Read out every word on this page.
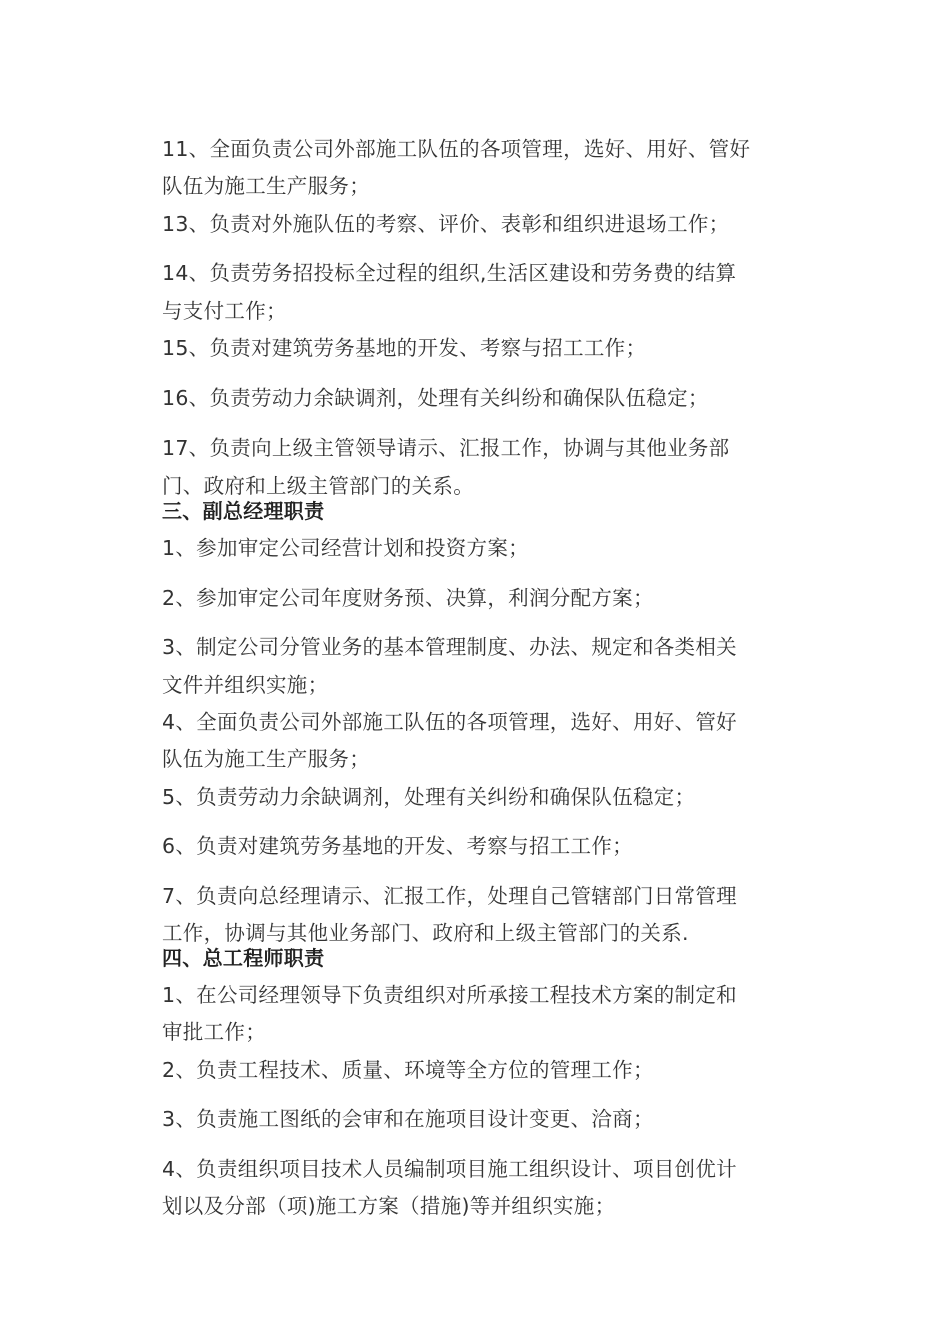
11、全面负责公司外部施工队伍的各项管理，选好、用好、管好
队伍为施工生产服务；
13、负责对外施队伍的考察、评价、表彰和组织进退场工作；
14、负责劳务招投标全过程的组织,生活区建设和劳务费的结算
与支付工作；
15、负责对建筑劳务基地的开发、考察与招工工作；
16、负责劳动力余缺调剂，处理有关纠纷和确保队伍稳定；
17、负责向上级主管领导请示、汇报工作，协调与其他业务部
门、政府和上级主管部门的关系。
三、副总经理职责
1、参加审定公司经营计划和投资方案；
2、参加审定公司年度财务预、决算，利润分配方案；
3、制定公司分管业务的基本管理制度、办法、规定和各类相关
文件并组织实施；
4、全面负责公司外部施工队伍的各项管理，选好、用好、管好
队伍为施工生产服务；
5、负责劳动力余缺调剂，处理有关纠纷和确保队伍稳定；
6、负责对建筑劳务基地的开发、考察与招工工作；
7、负责向总经理请示、汇报工作，处理自己管辖部门日常管理
工作，协调与其他业务部门、政府和上级主管部门的关系.
四、总工程师职责
1、在公司经理领导下负责组织对所承接工程技术方案的制定和
审批工作；
2、负责工程技术、质量、环境等全方位的管理工作；
3、负责施工图纸的会审和在施项目设计变更、洽商；
4、负责组织项目技术人员编制项目施工组织设计、项目创优计
划以及分部（项)施工方案（措施)等并组织实施；
